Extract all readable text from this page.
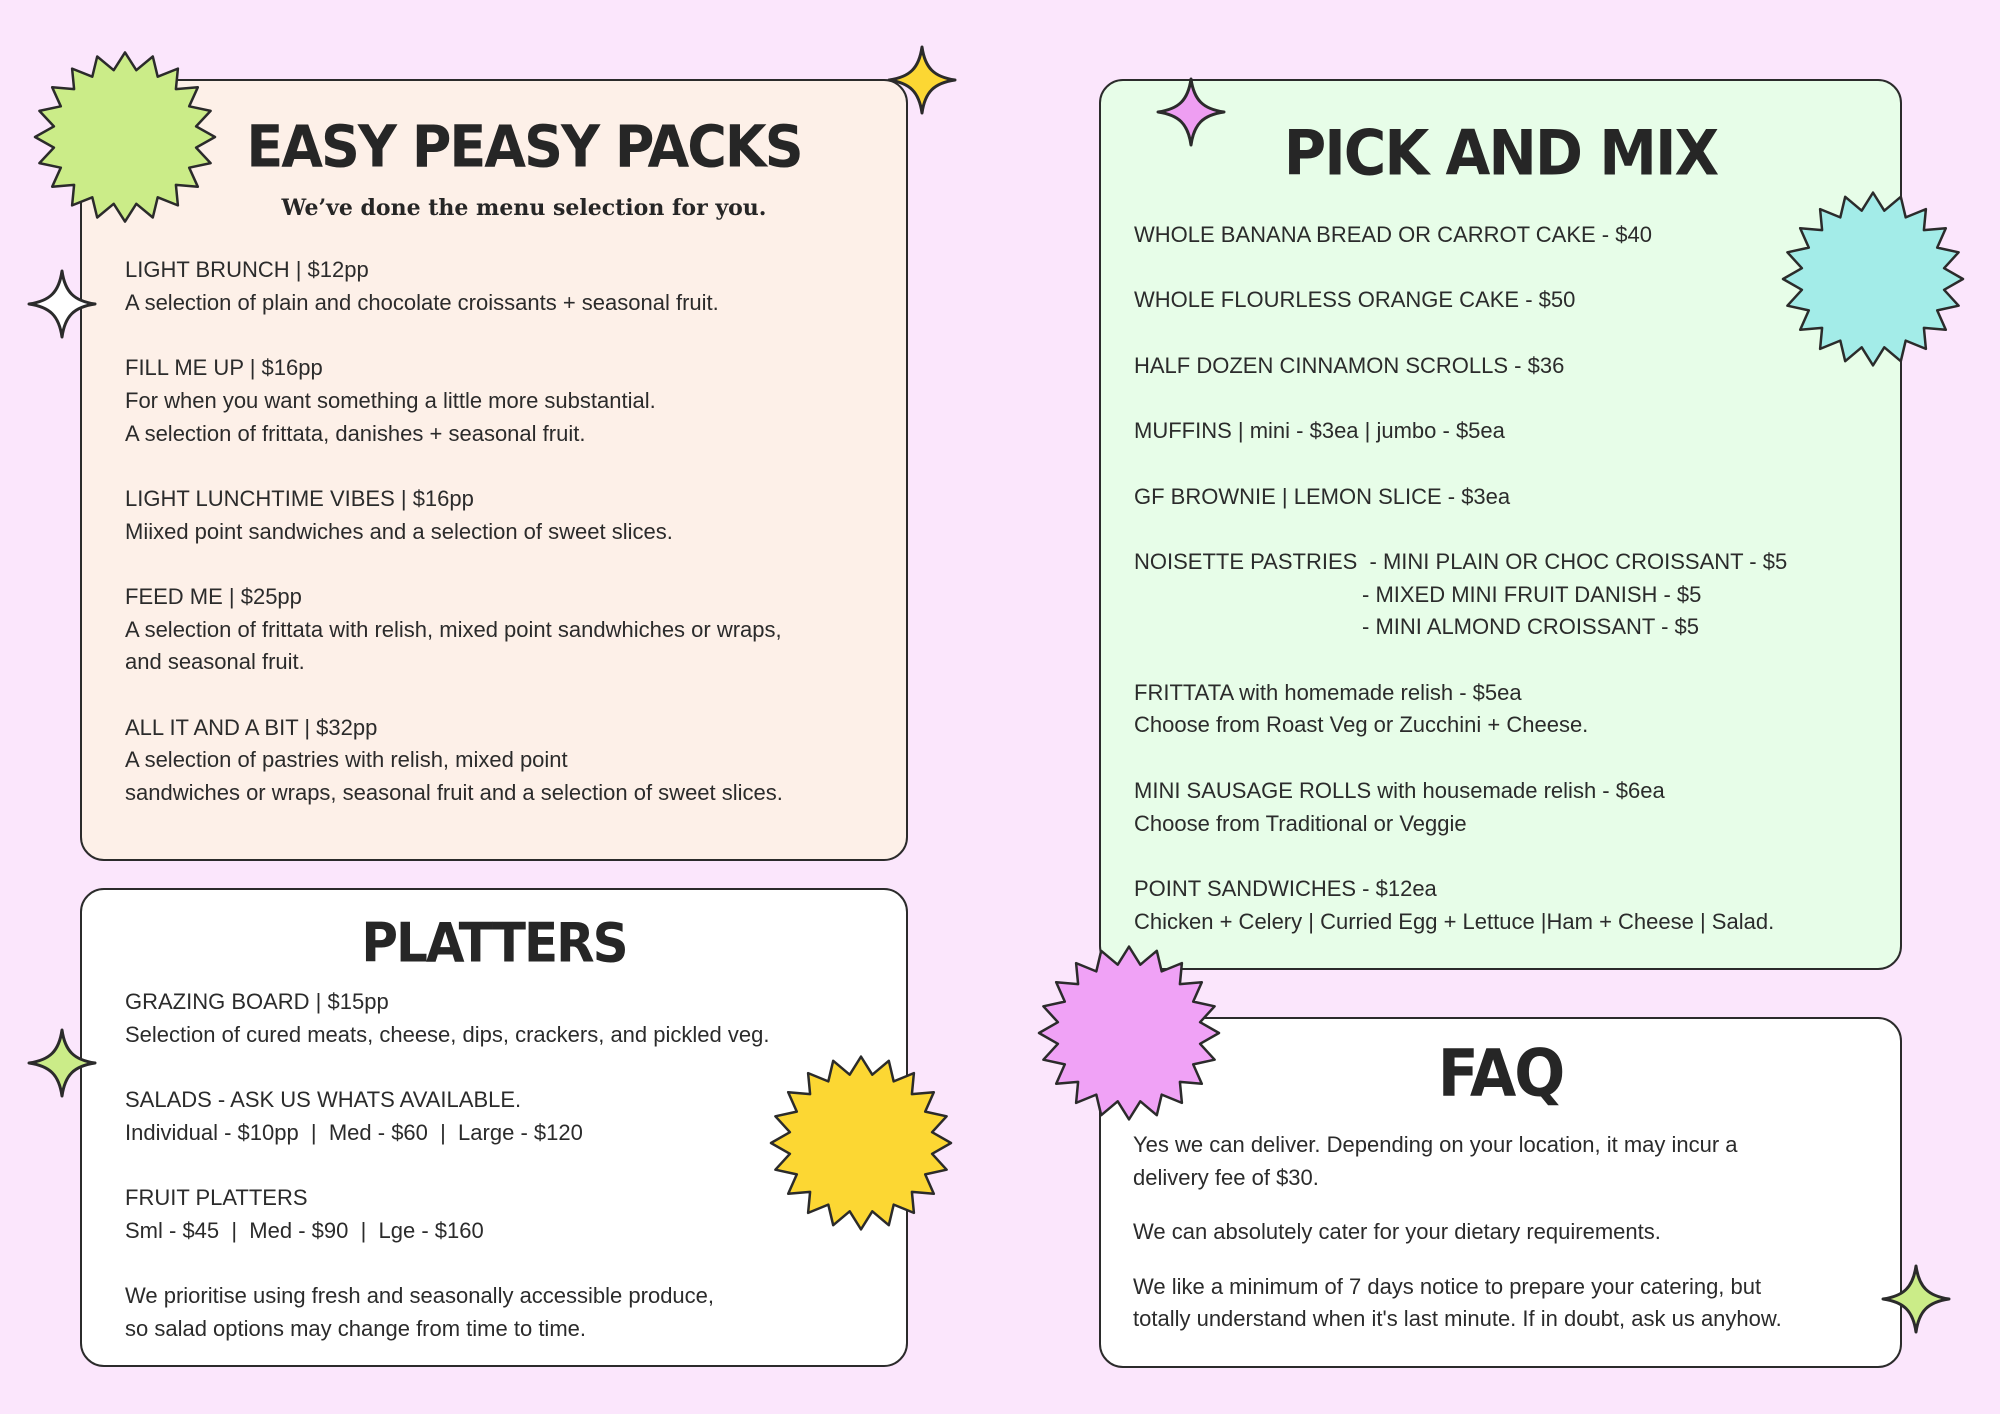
EASY PEASY PACKS

We’ve done the menu selection for you.

LIGHT BRUNCH | $12pp

A selection of plain and chocolate croissants + seasonal fruit.

FILL ME UP | $16pp

For when you want something a little more substantial.

A selection of frittata, danishes + seasonal fruit.

LIGHT LUNCHTIME VIBES | $16pp

Miixed point sandwiches and a selection of sweet slices.

FEED ME | $25pp

A selection of frittata with relish, mixed point sandwhiches or wraps,

and seasonal fruit.

ALL IT AND A BIT | $32pp

A selection of pastries with relish, mixed point

sandwiches or wraps, seasonal fruit and a selection of sweet slices.

PLATTERS

GRAZING BOARD | $15pp

Selection of cured meats, cheese, dips, crackers, and pickled veg.

SALADS - ASK US WHATS AVAILABLE.

Individual - $10pp  |  Med - $60  |  Large - $120

FRUIT PLATTERS

Sml - $45  |  Med - $90  |  Lge - $160

We prioritise using fresh and seasonally accessible produce,

so salad options may change from time to time.

PICK AND MIX

WHOLE BANANA BREAD OR CARROT CAKE - $40

WHOLE FLOURLESS ORANGE CAKE - $50

HALF DOZEN CINNAMON SCROLLS - $36

MUFFINS | mini - $3ea | jumbo - $5ea

GF BROWNIE | LEMON SLICE - $3ea

NOISETTE PASTRIES - MINI PLAIN OR CHOC CROISSANT - $5

- MIXED MINI FRUIT DANISH - $5

- MINI ALMOND CROISSANT - $5

FRITTATA with homemade relish - $5ea

Choose from Roast Veg or Zucchini + Cheese.

MINI SAUSAGE ROLLS with housemade relish - $6ea

Choose from Traditional or Veggie

POINT SANDWICHES - $12ea

Chicken + Celery | Curried Egg + Lettuce |Ham + Cheese | Salad.

FAQ

Yes we can deliver. Depending on your location, it may incur a

delivery fee of $30.

We can absolutely cater for your dietary requirements.

We like a minimum of 7 days notice to prepare your catering, but

totally understand when it's last minute. If in doubt, ask us anyhow.
